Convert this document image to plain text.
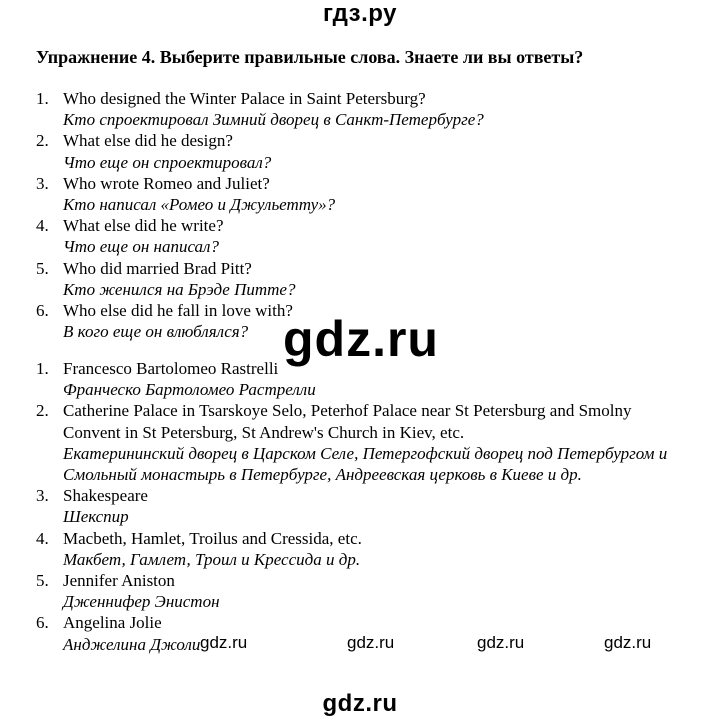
гдз.ру
Упражнение 4. Выберите правильные слова. Знаете ли вы ответы?
1. Who designed the Winter Palace in Saint Petersburg?
Кто спроектировал Зимний дворец в Санкт-Петербурге?
2. What else did he design?
Что еще он спроектировал?
3. Who wrote Romeo and Juliet?
Кто написал «Ромео и Джульетту»?
4. What else did he write?
Что еще он написал?
5. Who did married Brad Pitt?
Кто женился на Брэде Питте?
6. Who else did he fall in love with?
В кого еще он влюблялся? gdz.ru
1. Francesco Bartolomeo Rastrelli
Франческо Бартоломео Растрелли
2. Catherine Palace in Tsarskoye Selo, Peterhof Palace near St Petersburg and Smolny Convent in St Petersburg, St Andrew's Church in Kiev, etc.
Екатерининский дворец в Царском Селе, Петергофский дворец под Петербургом и Смольный монастырь в Петербурге, Андреевская церковь в Киеве и др.
3. Shakespeare
Шекспир
4. Macbeth, Hamlet, Troilus and Cressida, etc.
Макбет, Гамлет, Троил и Крессида и др.
5. Jennifer Aniston
Дженнифер Энистон
6. Angelina Jolie
Анджелина Джоли gdz.ru	gdz.ru	gdz.ru	gdz.ru
gdz.ru
